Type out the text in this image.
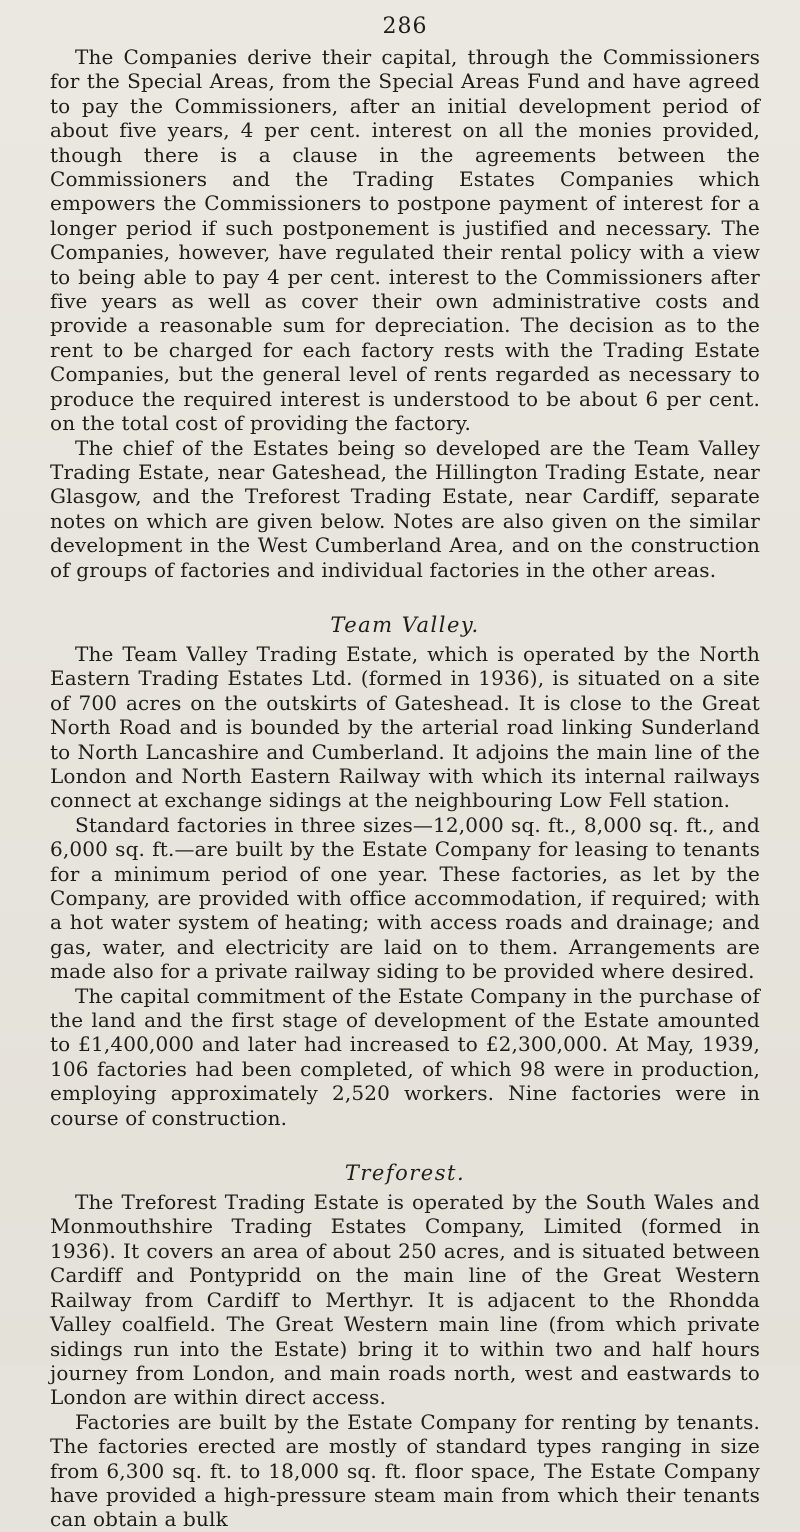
286

The Companies derive their capital, through the Commissioners for the Special Areas, from the Special Areas Fund and have agreed to pay the Commissioners, after an initial development period of about five years, 4 per cent. interest on all the monies provided, though there is a clause in the agreements between the Commissioners and the Trading Estates Companies which empowers the Commissioners to postpone payment of interest for a longer period if such postponement is justified and necessary. The Companies, however, have regulated their rental policy with a view to being able to pay 4 per cent. interest to the Commissioners after five years as well as cover their own administrative costs and provide a reasonable sum for depreciation. The decision as to the rent to be charged for each factory rests with the Trading Estate Companies, but the general level of rents regarded as necessary to produce the required interest is understood to be about 6 per cent. on the total cost of providing the factory.

The chief of the Estates being so developed are the Team Valley Trading Estate, near Gateshead, the Hillington Trading Estate, near Glasgow, and the Treforest Trading Estate, near Cardiff, separate notes on which are given below. Notes are also given on the similar development in the West Cumberland Area, and on the construction of groups of factories and individual factories in the other areas.

Team Valley.

The Team Valley Trading Estate, which is operated by the North Eastern Trading Estates Ltd. (formed in 1936), is situated on a site of 700 acres on the outskirts of Gateshead. It is close to the Great North Road and is bounded by the arterial road linking Sunderland to North Lancashire and Cumberland. It adjoins the main line of the London and North Eastern Railway with which its internal railways connect at exchange sidings at the neighbouring Low Fell station.

Standard factories in three sizes—12,000 sq. ft., 8,000 sq. ft., and 6,000 sq. ft.—are built by the Estate Company for leasing to tenants for a minimum period of one year. These factories, as let by the Company, are provided with office accommodation, if required; with a hot water system of heating; with access roads and drainage; and gas, water, and electricity are laid on to them. Arrangements are made also for a private railway siding to be provided where desired.

The capital commitment of the Estate Company in the purchase of the land and the first stage of development of the Estate amounted to £1,400,000 and later had increased to £2,300,000. At May, 1939, 106 factories had been completed, of which 98 were in production, employing approximately 2,520 workers. Nine factories were in course of construction.

Treforest.

The Treforest Trading Estate is operated by the South Wales and Monmouthshire Trading Estates Company, Limited (formed in 1936). It covers an area of about 250 acres, and is situated between Cardiff and Pontypridd on the main line of the Great Western Railway from Cardiff to Merthyr. It is adjacent to the Rhondda Valley coalfield. The Great Western main line (from which private sidings run into the Estate) bring it to within two and half hours journey from London, and main roads north, west and eastwards to London are within direct access.

Factories are built by the Estate Company for renting by tenants. The factories erected are mostly of standard types ranging in size from 6,300 sq. ft. to 18,000 sq. ft. floor space, The Estate Company have provided a high-pressure steam main from which their tenants can obtain a bulk
